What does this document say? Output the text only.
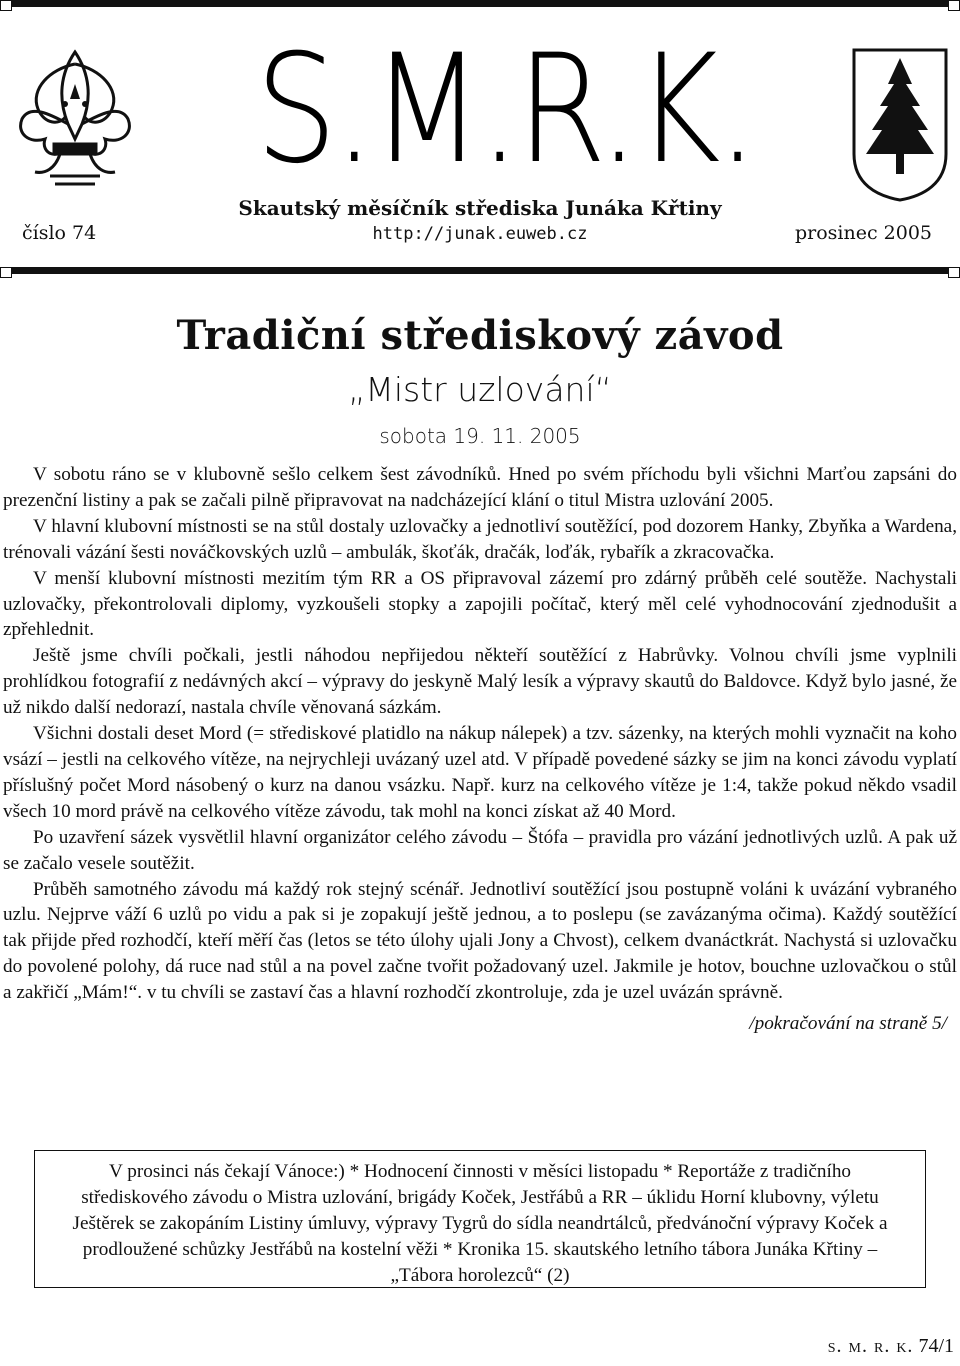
S.M.R.K.
Skautský měsíčník střediska Junáka Křtiny
číslo 74	http://junak.euweb.cz	prosinec 2005
Tradiční střediskový závod
„Mistr uzlování“
sobota 19. 11. 2005

V sobotu ráno se v klubovně sešlo celkem šest závodníků. Hned po svém příchodu byli všichni Marťou zapsáni do prezenční listiny a pak se začali pilně připravovat na nadcházející klání o titul Mistra uzlování 2005.

V hlavní klubovní místnosti se na stůl dostaly uzlovačky a jednotliví soutěžící, pod dozorem Hanky, Zbyňka a Wardena, trénovali vázání šesti nováčkovských uzlů – ambulák, škoťák, dračák, loďák, rybařík a zkracovačka.

V menší klubovní místnosti mezitím tým RR a OS připravoval zázemí pro zdárný průběh celé soutěže. Nachystali uzlovačky, překontrolovali diplomy, vyzkoušeli stopky a zapojili počítač, který měl celé vyhodnocování zjednodušit a zpřehlednit.

Ještě jsme chvíli počkali, jestli náhodou nepřijedou někteří soutěžící z Habrůvky. Volnou chvíli jsme vyplnili prohlídkou fotografií z nedávných akcí – výpravy do jeskyně Malý lesík a výpravy skautů do Baldovce. Když bylo jasné, že už nikdo další nedorazí, nastala chvíle věnovaná sázkám.

Všichni dostali deset Mord (= střediskové platidlo na nákup nálepek) a tzv. sázenky, na kterých mohli vyznačit na koho vsází – jestli na celkového vítěze, na nejrychleji uvázaný uzel atd. V případě povedené sázky se jim na konci závodu vyplatí příslušný počet Mord násobený o kurz na danou vsázku. Např. kurz na celkového vítěze je 1:4, takže pokud někdo vsadil všech 10 mord právě na celkového vítěze závodu, tak mohl na konci získat až 40 Mord.

Po uzavření sázek vysvětlil hlavní organizátor celého závodu – Štófa – pravidla pro vázání jednotlivých uzlů. A pak už se začalo vesele soutěžit.

Průběh samotného závodu má každý rok stejný scénář. Jednotliví soutěžící jsou postupně voláni k uvázání vybraného uzlu. Nejprve váží 6 uzlů po vidu a pak si je zopakují ještě jednou, a to poslepu (se zavázanýma očima). Každý soutěžící tak přijde před rozhodčí, kteří měří čas (letos se této úlohy ujali Jony a Chvost), celkem dvanáctkrát. Nachystá si uzlovačku do povolené polohy, dá ruce nad stůl a na povel začne tvořit požadovaný uzel. Jakmile je hotov, bouchne uzlovačkou o stůl a zakřičí „Mám!“. v tu chvíli se zastaví čas a hlavní rozhodčí zkontroluje, zda je uzel uvázán správně.

/pokračování na straně 5/
V prosinci nás čekají Vánoce:) * Hodnocení činnosti v měsíci listopadu * Reportáže z tradičního střediskového závodu o Mistra uzlování, brigády Koček, Jestřábů a RR – úklidu Horní klubovny, výletu Ještěrek se zakopáním Listiny úmluvy, výpravy Tygrů do sídla neandrtálců, předvánoční výpravy Koček a prodloužené schůzky Jestřábů na kostelní věži * Kronika 15. skautského letního tábora Junáka Křtiny – „Tábora horolezců“ (2)
s. m. r. k. 74/1
